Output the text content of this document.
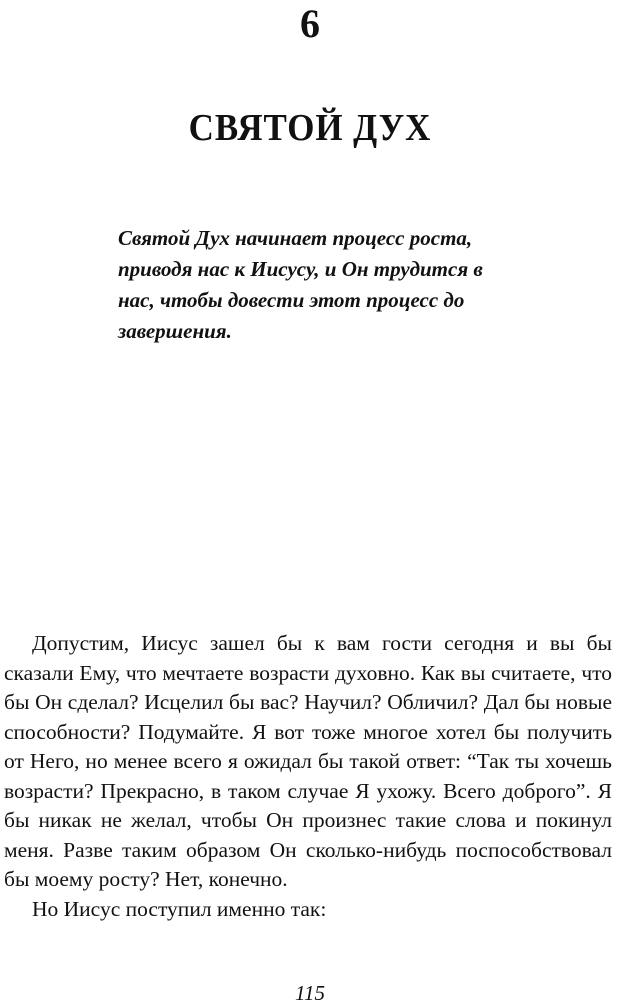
6
СВЯТОЙ ДУХ
Святой Дух начинает процесс роста, приводя нас к Иисусу, и Он трудится в нас, чтобы довести этот процесс до завершения.

Допустим, Иисус зашел бы к вам гости сегодня и вы бы сказали Ему, что мечтаете возрасти духовно. Как вы считаете, что бы Он сделал? Исцелил бы вас? Научил? Обличил? Дал бы новые способности? Подумайте. Я вот тоже многое хотел бы получить от Него, но менее всего я ожидал бы такой ответ: “Так ты хочешь возрасти? Прекрасно, в таком случае Я ухожу. Всего доброго”. Я бы никак не желал, чтобы Он произнес такие слова и покинул меня. Разве таким образом Он сколько-нибудь поспособствовал бы моему росту? Нет, конечно.

Но Иисус поступил именно так:

115
